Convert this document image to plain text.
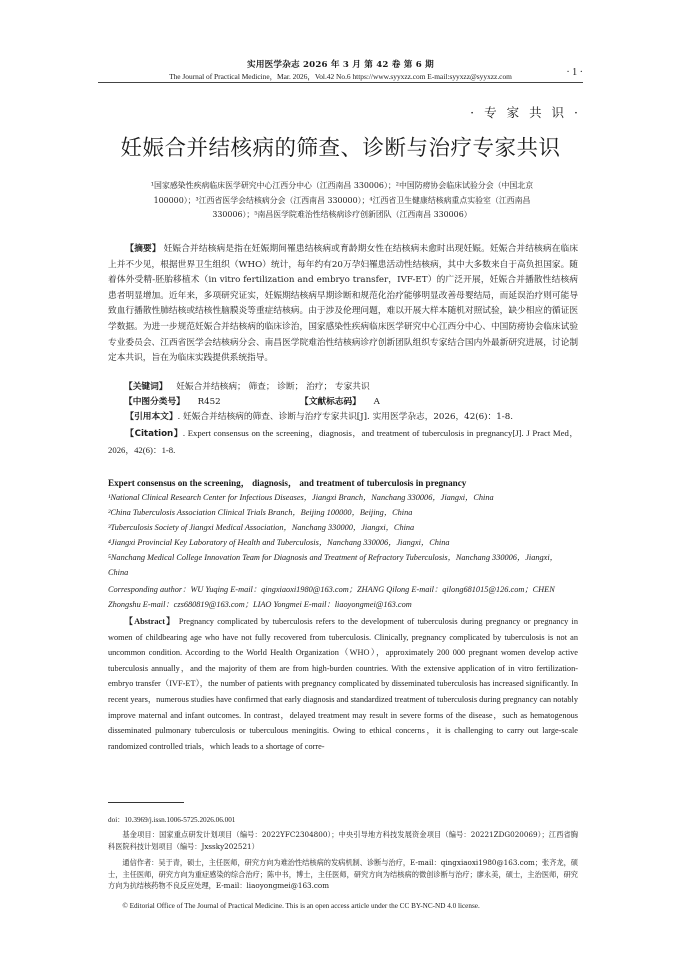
实用医学杂志 2026 年 3 月 第 42 卷 第 6 期
The Journal of Practical Medicine，Mar. 2026，Vol.42 No.6 https://www.syyxzz.com E-mail:syyxzz@syyxzz.com	· 1 ·
· 专 家 共 识 ·
妊娠合并结核病的筛查、诊断与治疗专家共识
¹国家感染性疾病临床医学研究中心江西分中心（江西南昌 330006）；²中国防痨协会临床试验分会（中国北京
100000）；³江西省医学会结核病分会（江西南昌 330000）；⁴江西省卫生健康结核病重点实验室（江西南昌
330006）；⁵南昌医学院难治性结核病诊疗创新团队（江西南昌 330006）
【摘要】 妊娠合并结核病是指在妊娠期间罹患结核病或育龄期女性在结核病未愈时出现妊娠。妊娠合并结核病在临床上并不少见，根据世界卫生组织（WHO）统计，每年约有20万孕妇罹患活动性结核病，其中大多数来自于高负担国家。随着体外受精-胚胎移植术（in vitro fertilization and embryo transfer，IVF-ET）的广泛开展，妊娠合并播散性结核病患者明显增加。近年来，多项研究证实，妊娠期结核病早期诊断和规范化治疗能够明显改善母婴结局，而延误治疗则可能导致血行播散性肺结核或结核性脑膜炎等重症结核病。由于涉及伦理问题，难以开展大样本随机对照试验，缺少相应的循证医学数据。为进一步规范妊娠合并结核病的临床诊治，国家感染性疾病临床医学研究中心江西分中心、中国防痨协会临床试验专业委员会、江西省医学会结核病分会、南昌医学院难治性结核病诊疗创新团队组织专家结合国内外最新研究进展，讨论制定本共识，旨在为临床实践提供系统指导。
【关键词】 妊娠合并结核病； 筛查； 诊断； 治疗； 专家共识
【中图分类号】 R452	【文献标志码】 A
【引用本文】. 妊娠合并结核病的筛查、诊断与治疗专家共识[J]. 实用医学杂志，2026，42(6)：1-8.
【Citation】. Expert consensus on the screening，diagnosis，and treatment of tuberculosis in pregnancy[J]. J Pract Med，2026，42(6)：1-8.
Expert consensus on the screening， diagnosis， and treatment of tuberculosis in pregnancy
¹National Clinical Research Center for Infectious Diseases，Jiangxi Branch，Nanchang 330006，Jiangxi，China
²China Tuberculosis Association Clinical Trials Branch，Beijing 100000，Beijing，China
³Tuberculosis Society of Jiangxi Medical Association，Nanchang 330000，Jiangxi，China
⁴Jiangxi Provincial Key Laboratory of Health and Tuberculosis，Nanchang 330006，Jiangxi，China
⁵Nanchang Medical College Innovation Team for Diagnosis and Treatment of Refractory Tuberculosis，Nanchang 330006，Jiangxi，China
Corresponding author：WU Yuqing E-mail：qingxiaoxi1980@163.com；ZHANG Qilong E-mail：qilong681015@126.com；CHEN Zhongshu E-mail：czs680819@163.com；LIAO Yongmei E-mail：liaoyongmei@163.com
【Abstract】 Pregnancy complicated by tuberculosis refers to the development of tuberculosis during pregnancy or pregnancy in women of childbearing age who have not fully recovered from tuberculosis. Clinically, pregnancy complicated by tuberculosis is not an uncommon condition. According to the World Health Organization（WHO），approximately 200 000 pregnant women develop active tuberculosis annually，and the majority of them are from high-burden countries. With the extensive application of in vitro fertilization-embryo transfer（IVF-ET），the number of patients with pregnancy complicated by disseminated tuberculosis has increased significantly. In recent years，numerous studies have confirmed that early diagnosis and standardized treatment of tuberculosis during pregnancy can notably improve maternal and infant outcomes. In contrast，delayed treatment may result in severe forms of the disease，such as hematogenous disseminated pulmonary tuberculosis or tuberculous meningitis. Owing to ethical concerns，it is challenging to carry out large-scale randomized controlled trials，which leads to a shortage of corre-
doi：10.3969/j.issn.1006-5725.2026.06.001
基金项目：国家重点研发计划项目（编号：2022YFC2304800）；中央引导地方科技发展资金项目（编号：20221ZDG020069）；江西省胸科医院科技计划项目（编号：Jxssky202521）
通信作者：吴于青，硕士，主任医师，研究方向为难治性结核病的发病机制、诊断与治疗，E-mail：qingxiaoxi1980@163.com；张齐龙，硕士，主任医师，研究方向为重症感染的综合治疗；陈中书，博士，主任医师，研究方向为结核病的微创诊断与治疗；廖永美，硕士，主治医师，研究方向为抗结核药物不良反应处理，E-mail：liaoyongmei@163.com
© Editorial Office of The Journal of Practical Medicine. This is an open access article under the CC BY-NC-ND 4.0 license.
